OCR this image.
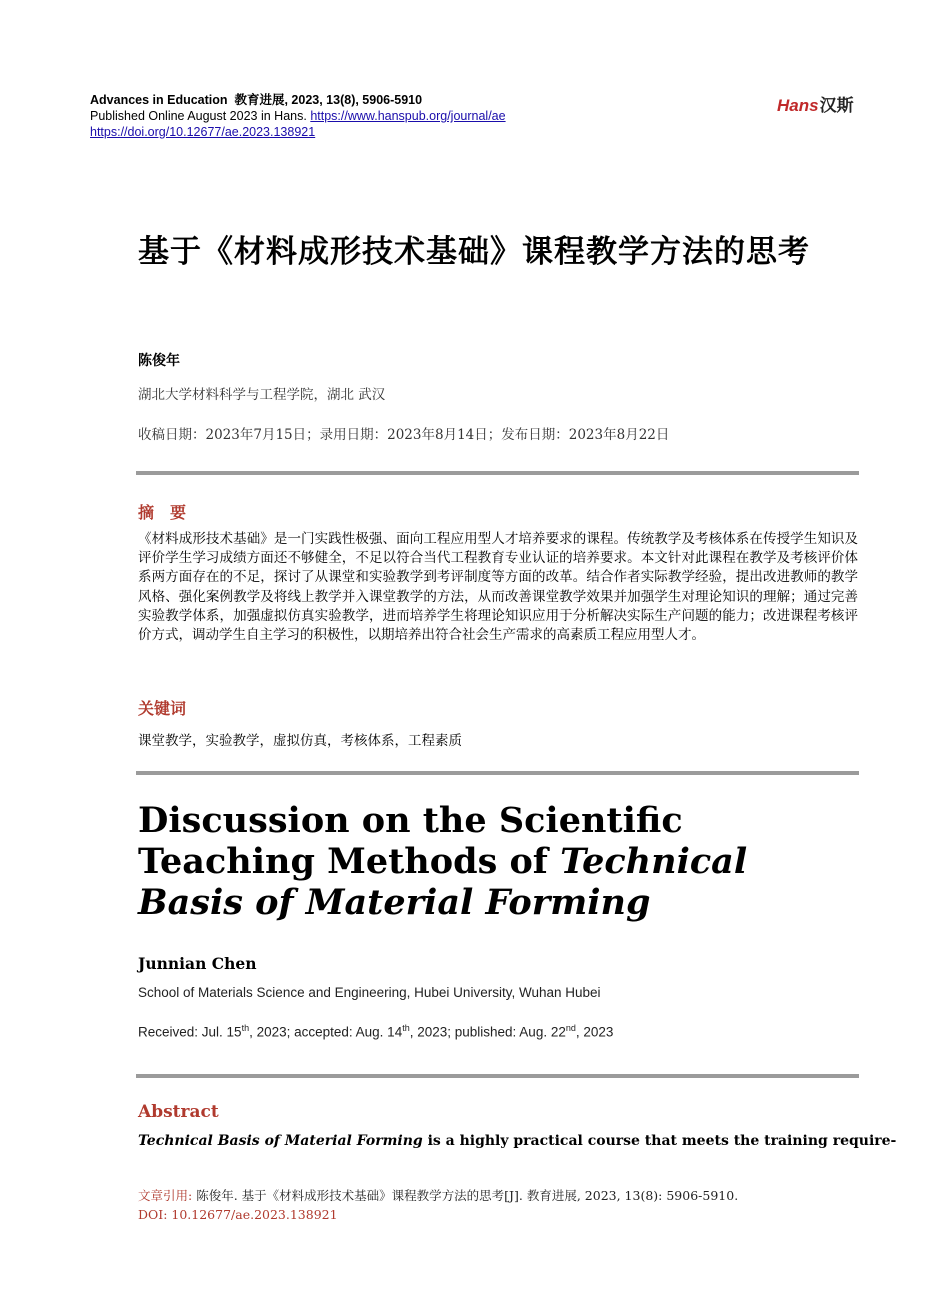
Advances in Education 教育进展, 2023, 13(8), 5906-5910
Published Online August 2023 in Hans. https://www.hanspub.org/journal/ae
https://doi.org/10.12677/ae.2023.138921
Hans汉斯
基于《材料成形技术基础》课程教学方法的思考
陈俊年
湖北大学材料科学与工程学院，湖北 武汉
收稿日期：2023年7月15日；录用日期：2023年8月14日；发布日期：2023年8月22日
摘　要
《材料成形技术基础》是一门实践性极强、面向工程应用型人才培养要求的课程。传统教学及考核体系在传授学生知识及评价学生学习成绩方面还不够健全，不足以符合当代工程教育专业认证的培养要求。本文针对此课程在教学及考核评价体系两方面存在的不足，探讨了从课堂和实验教学到考评制度等方面的改革。结合作者实际教学经验，提出改进教师的教学风格、强化案例教学及将线上教学并入课堂教学的方法，从而改善课堂教学效果并加强学生对理论知识的理解；通过完善实验教学体系，加强虚拟仿真实验教学，进而培养学生将理论知识应用于分析解决实际生产问题的能力；改进课程考核评价方式，调动学生自主学习的积极性，以期培养出符合社会生产需求的高素质工程应用型人才。
关键词
课堂教学，实验教学，虚拟仿真，考核体系，工程素质
Discussion on the Scientific Teaching Methods of Technical Basis of Material Forming
Junnian Chen
School of Materials Science and Engineering, Hubei University, Wuhan Hubei
Received: Jul. 15th, 2023; accepted: Aug. 14th, 2023; published: Aug. 22nd, 2023
Abstract
Technical Basis of Material Forming is a highly practical course that meets the training require-
文章引用: 陈俊年. 基于《材料成形技术基础》课程教学方法的思考[J]. 教育进展, 2023, 13(8): 5906-5910.
DOI: 10.12677/ae.2023.138921
